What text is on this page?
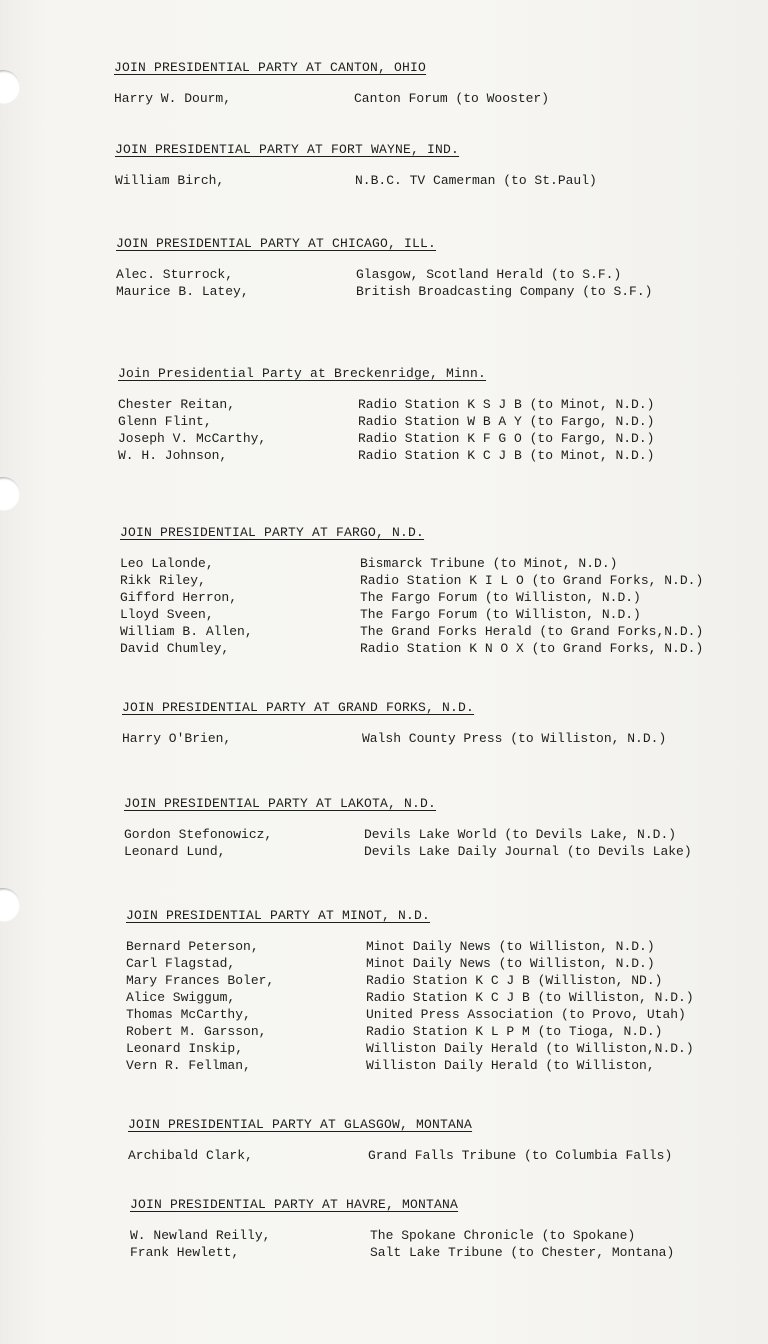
JOIN PRESIDENTIAL PARTY AT CANTON, OHIO
Harry W. Dourm,	Canton Forum (to Wooster)
JOIN PRESIDENTIAL PARTY AT FORT WAYNE, IND.
William Birch,	N.B.C. TV Camerman (to St.Paul)
JOIN PRESIDENTIAL PARTY AT CHICAGO, ILL.
Alec. Sturrock,	Glasgow, Scotland Herald (to S.F.)
Maurice B. Latey,	British Broadcasting Company (to S.F.)
Join Presidential Party at Breckenridge, Minn.
Chester Reitan,	Radio Station K S J B (to Minot, N.D.)
Glenn Flint,	Radio Station W B A Y (to Fargo, N.D.)
Joseph V. McCarthy,	Radio Station K F G O (to Fargo, N.D.)
W. H. Johnson,	Radio Station K C J B (to Minot, N.D.)
JOIN PRESIDENTIAL PARTY AT FARGO, N.D.
Leo Lalonde,	Bismarck Tribune (to Minot, N.D.)
Rikk Riley,	Radio Station K I L O (to Grand Forks, N.D.)
Gifford Herron,	The Fargo Forum (to Williston, N.D.)
Lloyd Sveen,	The Fargo Forum (to Williston, N.D.)
William B. Allen,	The Grand Forks Herald (to Grand Forks,N.D.)
David Chumley,	Radio Station K N O X (to Grand Forks, N.D.)
JOIN PRESIDENTIAL PARTY AT GRAND FORKS, N.D.
Harry O'Brien,	Walsh County Press (to Williston, N.D.)
JOIN PRESIDENTIAL PARTY AT LAKOTA, N.D.
Gordon Stefonowicz,	Devils Lake World (to Devils Lake, N.D.)
Leonard Lund,	Devils Lake Daily Journal (to Devils Lake)
JOIN PRESIDENTIAL PARTY AT MINOT, N.D.
Bernard Peterson,	Minot Daily News (to Williston, N.D.)
Carl Flagstad,	Minot Daily News (to Williston, N.D.)
Mary Frances Boler,	Radio Station K C J B (Williston, ND.)
Alice Swiggum,	Radio Station K C J B (to Williston, N.D.)
Thomas McCarthy,	United Press Association (to Provo, Utah)
Robert M. Garsson,	Radio Station K L P M (to Tioga, N.D.)
Leonard Inskip,	Williston Daily Herald (to Williston,N.D.)
Vern R. Fellman,	Williston Daily Herald (to Williston,
JOIN PRESIDENTIAL PARTY AT GLASGOW, MONTANA
Archibald Clark,	Grand Falls Tribune (to Columbia Falls)
JOIN PRESIDENTIAL PARTY AT HAVRE, MONTANA
W. Newland Reilly,	The Spokane Chronicle (to Spokane)
Frank Hewlett,	Salt Lake Tribune (to Chester, Montana)
